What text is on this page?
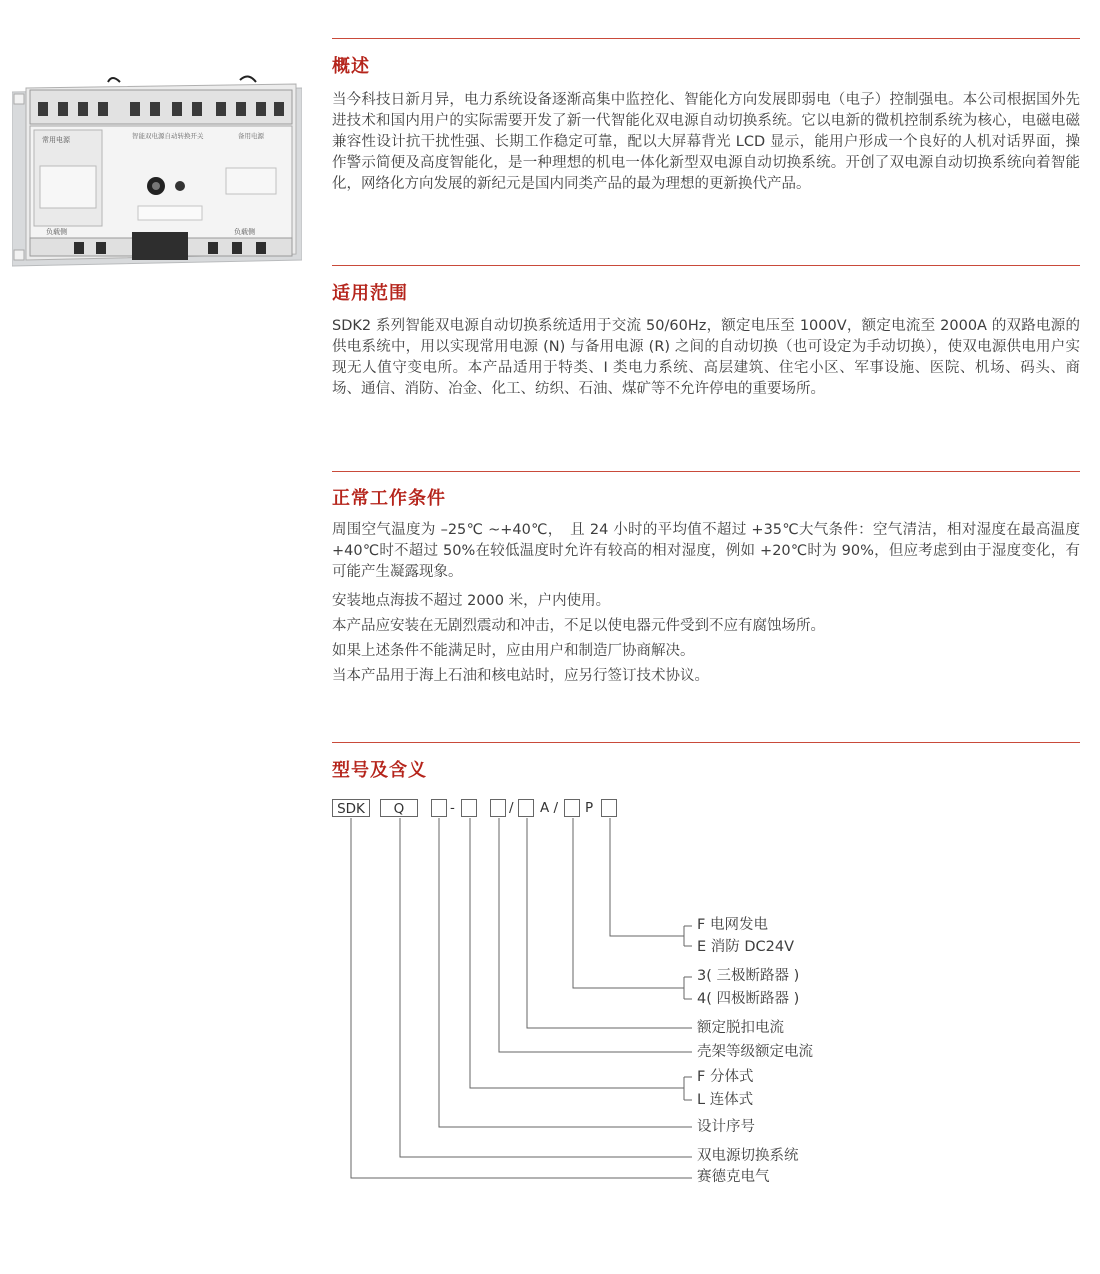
常用电源	智能双电源自动转换开关	备用电源
负载侧	负载侧
概述
当今科技日新月异，电力系统设备逐渐高集中监控化、智能化方向发展即弱电（电子）控制强电。本公司根据国外先进技术和国内用户的实际需要开发了新一代智能化双电源自动切换系统。它以电新的微机控制系统为核心，电磁电磁兼容性设计抗干扰性强、长期工作稳定可靠，配以大屏幕背光 LCD 显示，能用户形成一个良好的人机对话界面，操作警示简便及高度智能化，是一种理想的机电一体化新型双电源自动切换系统。开创了双电源自动切换系统向着智能化，网络化方向发展的新纪元是国内同类产品的最为理想的更新换代产品。
适用范围
SDK2 系列智能双电源自动切换系统适用于交流 50/60Hz，额定电压至 1000V，额定电流至 2000A 的双路电源的供电系统中，用以实现常用电源 (N) 与备用电源 (R) 之间的自动切换（也可设定为手动切换），使双电源供电用户实现无人值守变电所。本产品适用于特类、I 类电力系统、高层建筑、住宅小区、军事设施、医院、机场、码头、商场、通信、消防、冶金、化工、纺织、石油、煤矿等不允许停电的重要场所。
正常工作条件
周围空气温度为 –25℃ ~+40℃，　且 24 小时的平均值不超过 +35℃大气条件：空气清洁，相对湿度在最高温度 +40℃时不超过 50%在较低温度时允许有较高的相对湿度，例如 +20℃时为 90%，但应考虑到由于湿度变化，有可能产生凝露现象。
安装地点海拔不超过 2000 米，户内使用。
本产品应安装在无剧烈震动和冲击，不足以使电器元件受到不应有腐蚀场所。
如果上述条件不能满足时，应由用户和制造厂协商解决。
当本产品用于海上石油和核电站时，应另行签订技术协议。
型号及含义
SDK	Q	-	/ A / P
F 电网发电
E 消防 DC24V
3( 三极断路器 )
4( 四极断路器 )
额定脱扣电流
壳架等级额定电流
F 分体式
L 连体式
设计序号
双电源切换系统
赛德克电气
